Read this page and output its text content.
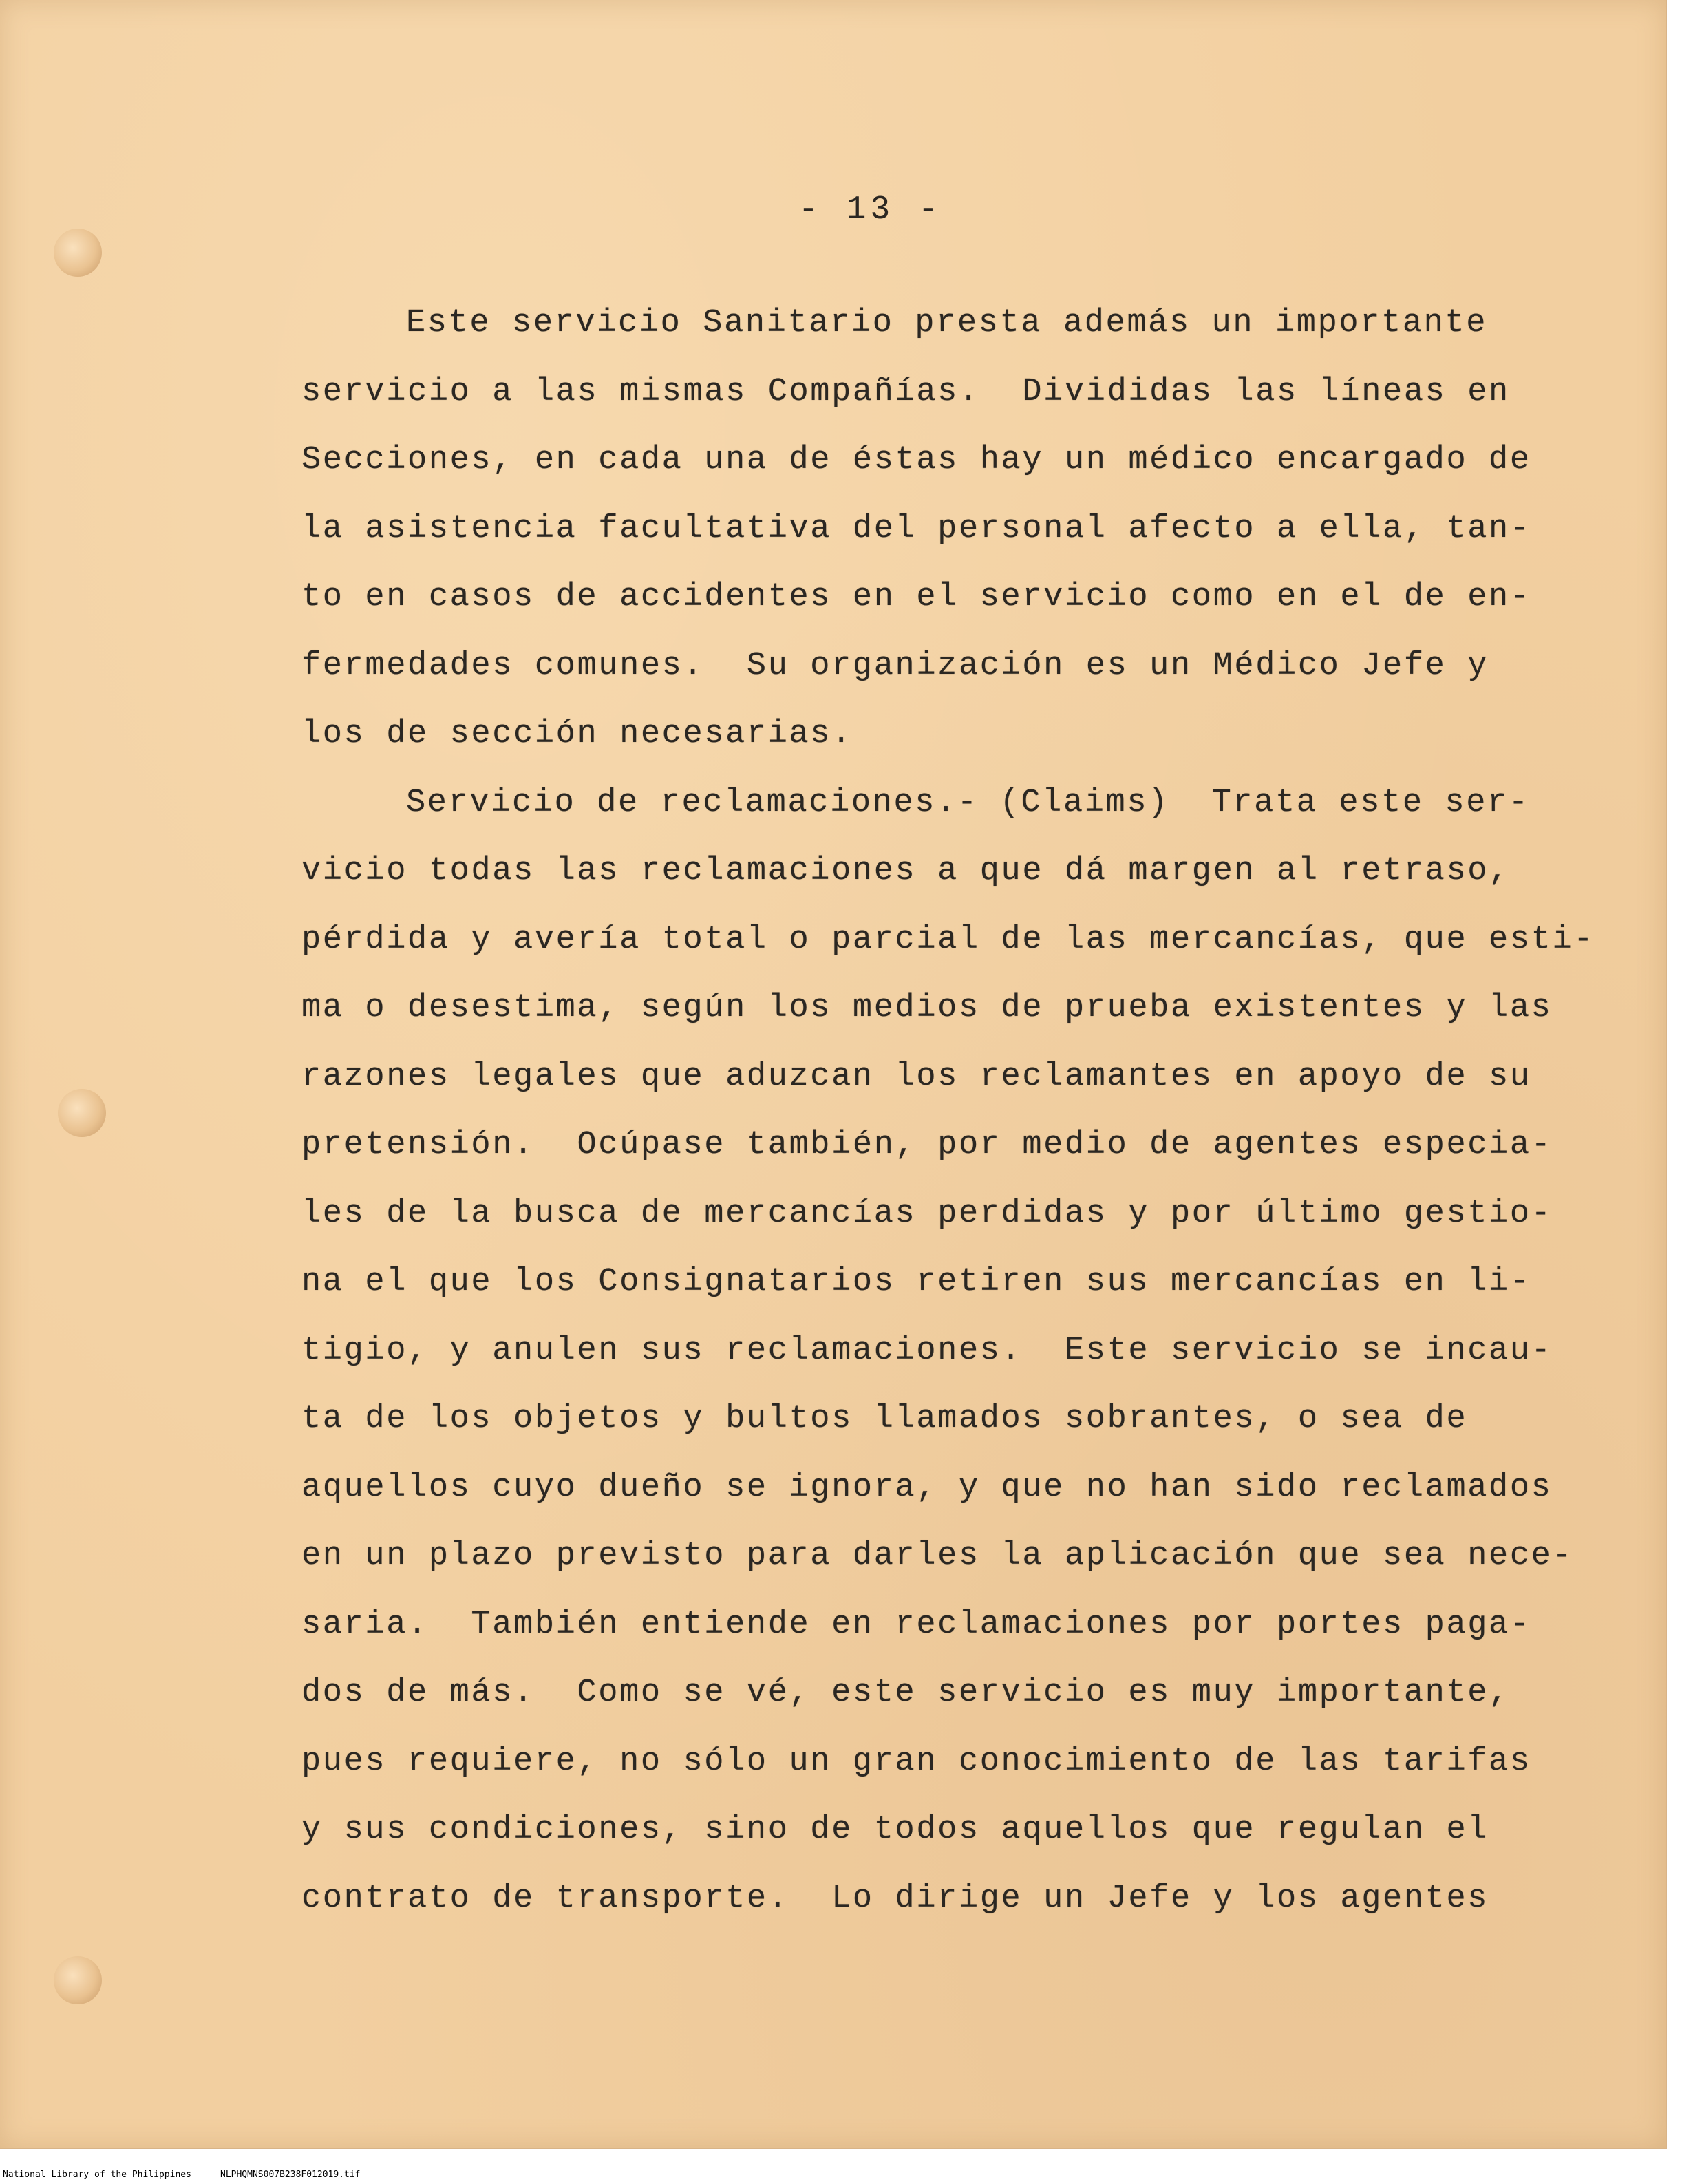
- 13 -
Este servicio Sanitario presta además un importante
servicio a las mismas Compañías.  Divididas las líneas en
Secciones, en cada una de éstas hay un médico encargado de
la asistencia facultativa del personal afecto a ella, tan-
to en casos de accidentes en el servicio como en el de en-
fermedades comunes.  Su organización es un Médico Jefe y
los de sección necesarias.
Servicio de reclamaciones.- (Claims)  Trata este ser-
vicio todas las reclamaciones a que dá margen al retraso,
pérdida y avería total o parcial de las mercancías, que esti-
ma o desestima, según los medios de prueba existentes y las
razones legales que aduzcan los reclamantes en apoyo de su
pretensión.  Ocúpase también, por medio de agentes especia-
les de la busca de mercancías perdidas y por último gestio-
na el que los Consignatarios retiren sus mercancías en li-
tigio, y anulen sus reclamaciones.  Este servicio se incau-
ta de los objetos y bultos llamados sobrantes, o sea de
aquellos cuyo dueño se ignora, y que no han sido reclamados
en un plazo previsto para darles la aplicación que sea nece-
saria.  También entiende en reclamaciones por portes paga-
dos de más.  Como se vé, este servicio es muy importante,
pues requiere, no sólo un gran conocimiento de las tarifas
y sus condiciones, sino de todos aquellos que regulan el
contrato de transporte.  Lo dirige un Jefe y los agentes
National Library of the Philippines	NLPHQMNS007B238F012019.tif
